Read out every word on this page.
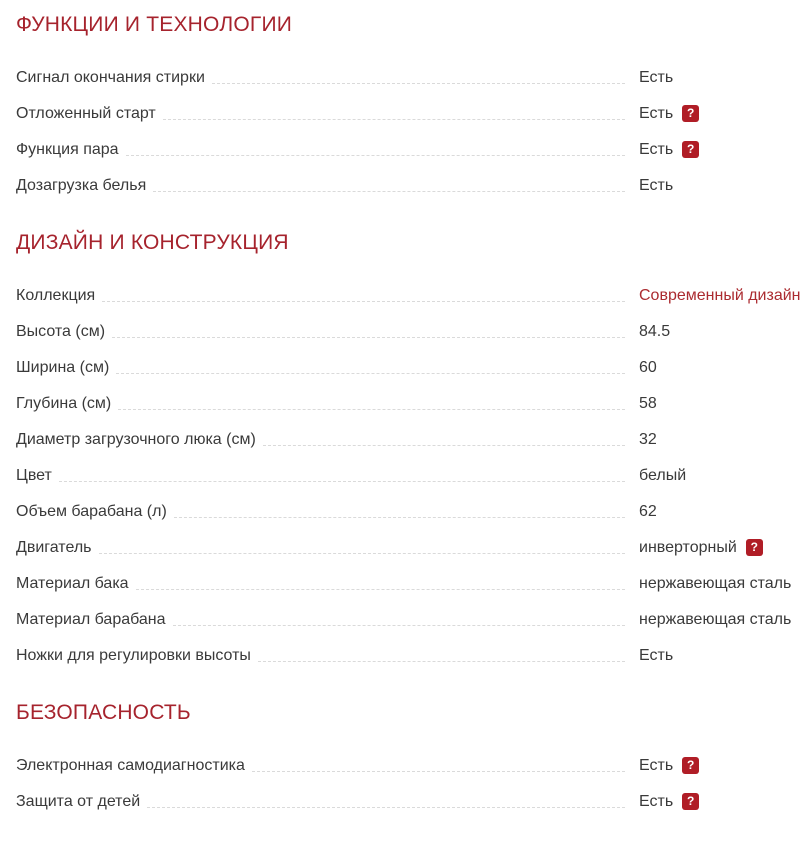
ФУНКЦИИ И ТЕХНОЛОГИИ
Сигнал окончания стирки	Есть
Отложенный старт	Есть	?
Функция пара	Есть	?
Дозагрузка белья	Есть
ДИЗАЙН И КОНСТРУКЦИЯ
Коллекция	Современный дизайн
Высота (см)	84.5
Ширина (см)	60
Глубина (см)	58
Диаметр загрузочного люка (см)	32
Цвет	белый
Объем барабана (л)	62
Двигатель	инверторный	?
Материал бака	нержавеющая сталь
Материал барабана	нержавеющая сталь
Ножки для регулировки высоты	Есть
БЕЗОПАСНОСТЬ
Электронная самодиагностика	Есть	?
Защита от детей	Есть	?
